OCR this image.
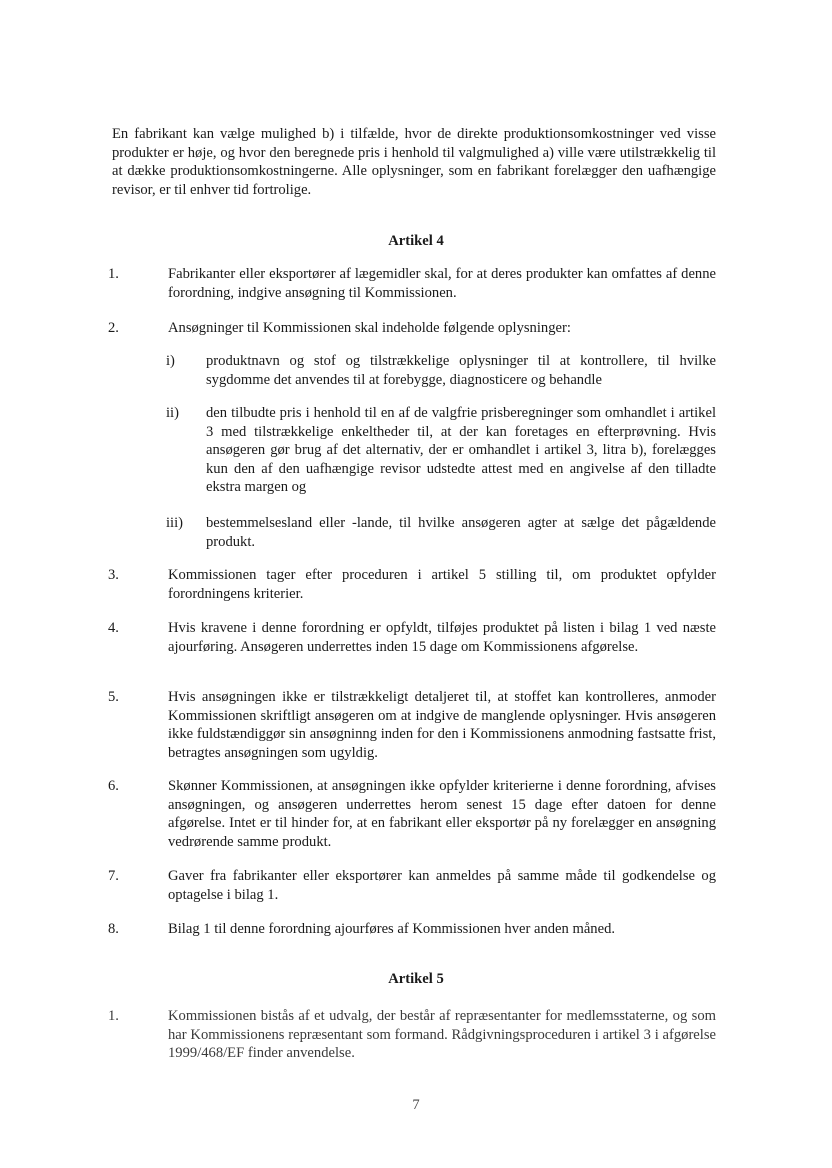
En fabrikant kan vælge mulighed b) i tilfælde, hvor de direkte produktionsomkostninger ved visse produkter er høje, og hvor den beregnede pris i henhold til valgmulighed a) ville være utilstrækkelig til at dække produktionsomkostningerne. Alle oplysninger, som en fabrikant forelægger den uafhængige revisor, er til enhver tid fortrolige.

Artikel 4
1.	Fabrikanter eller eksportører af lægemidler skal, for at deres produkter kan omfattes af denne forordning, indgive ansøgning til Kommissionen.
2.	Ansøgninger til Kommissionen skal indeholde følgende oplysninger:
i)	produktnavn og stof og tilstrækkelige oplysninger til at kontrollere, til hvilke sygdomme det anvendes til at forebygge, diagnosticere og behandle
ii)	den tilbudte pris i henhold til en af de valgfrie prisberegninger som omhandlet i artikel 3 med tilstrækkelige enkeltheder til, at der kan foretages en efterprøvning. Hvis ansøgeren gør brug af det alternativ, der er omhandlet i artikel 3, litra b), forelægges kun den af den uafhængige revisor udstedte attest med en angivelse af den tilladte ekstra margen og
iii)	bestemmelsesland eller -lande, til hvilke ansøgeren agter at sælge det pågældende produkt.
3.	Kommissionen tager efter proceduren i artikel 5 stilling til, om produktet opfylder forordningens kriterier.
4.	Hvis kravene i denne forordning er opfyldt, tilføjes produktet på listen i bilag 1 ved næste ajourføring. Ansøgeren underrettes inden 15 dage om Kommissionens afgørelse.
5.	Hvis ansøgningen ikke er tilstrækkeligt detaljeret til, at stoffet kan kontrolleres, anmoder Kommissionen skriftligt ansøgeren om at indgive de manglende oplysninger. Hvis ansøgeren ikke fuldstændiggør sin ansøgninng inden for den i Kommissionens anmodning fastsatte frist, betragtes ansøgningen som ugyldig.
6.	Skønner Kommissionen, at ansøgningen ikke opfylder kriterierne i denne forordning, afvises ansøgningen, og ansøgeren underrettes herom senest 15 dage efter datoen for denne afgørelse. Intet er til hinder for, at en fabrikant eller eksportør på ny forelægger en ansøgning vedrørende samme produkt.
7.	Gaver fra fabrikanter eller eksportører kan anmeldes på samme måde til godkendelse og optagelse i bilag 1.
8.	Bilag 1 til denne forordning ajourføres af Kommissionen hver anden måned.
Artikel 5
1.	Kommissionen bistås af et udvalg, der består af repræsentanter for medlemsstaterne, og som har Kommissionens repræsentant som formand. Rådgivningsproceduren i artikel 3 i afgørelse 1999/468/EF finder anvendelse.
7
